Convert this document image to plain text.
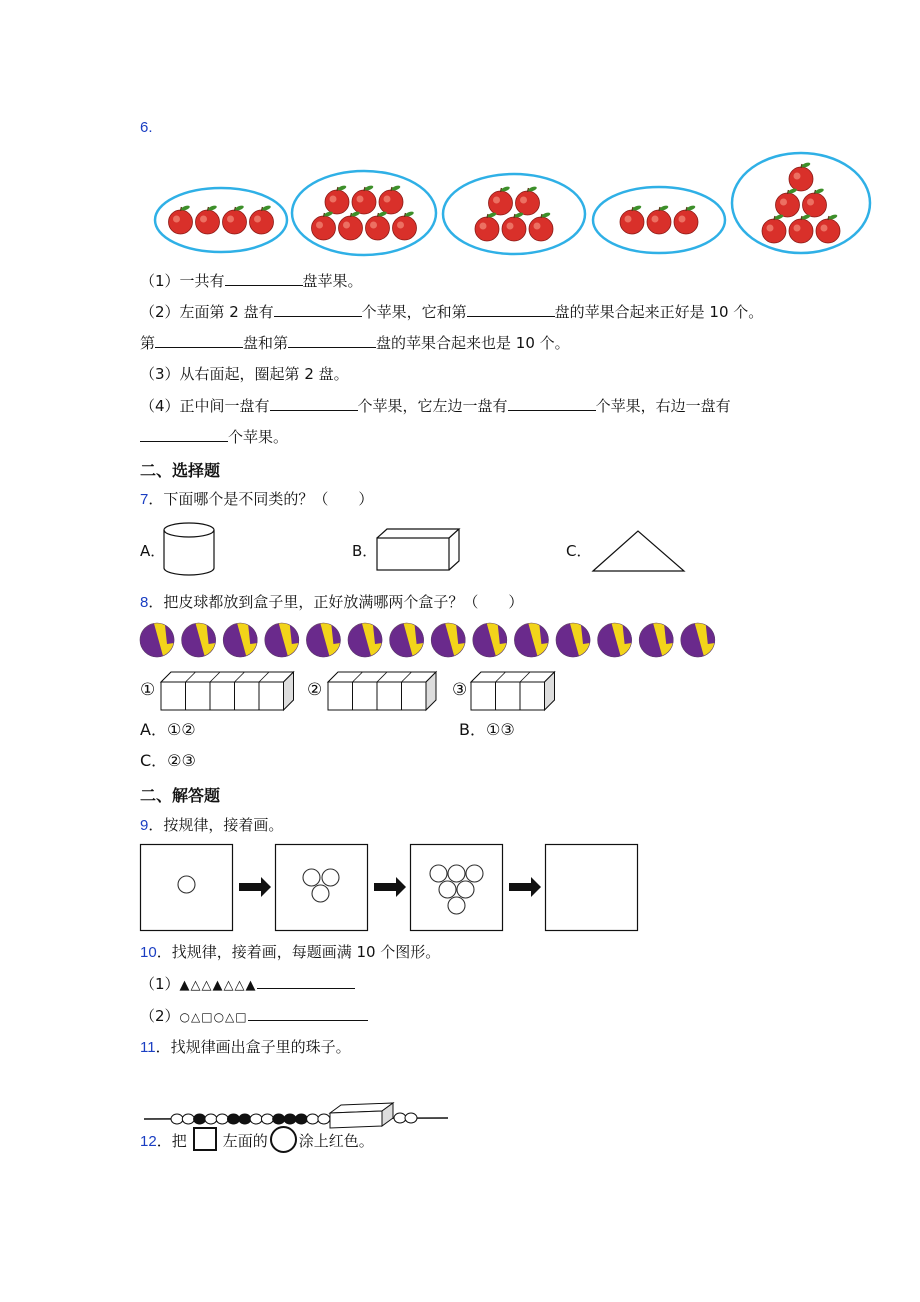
6.
（1）一共有	盘苹果。
（2）左面第 2 盘有	个苹果，它和第	盘的苹果合起来正好是 10 个。
第	盘和第	盘的苹果合起来也是 10 个。
（3）从右面起，圈起第 2 盘。
（4）正中间一盘有	个苹果，它左边一盘有	个苹果，右边一盘有
个苹果。
二、选择题
7．下面哪个是不同类的？（　　）
A．	B．	C．
8．把皮球都放到盒子里，正好放满哪两个盒子？（　　）
①	②	③
A．①②	B．①③
C．②③
二、解答题
9．按规律，接着画。
10．找规律，接着画，每题画满 10 个图形。
（1）▲△△▲△△▲
（2）○△□○△□
11．找规律画出盒子里的珠子。
12．把 左面的 涂上红色。
